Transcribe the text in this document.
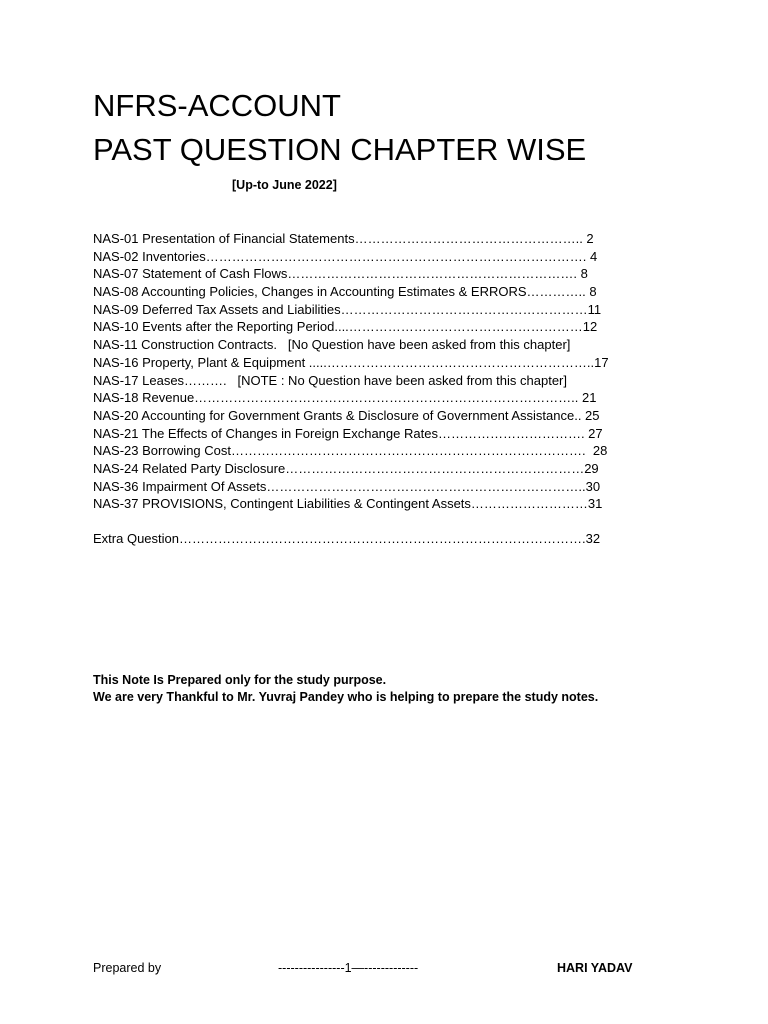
NFRS-ACCOUNT
PAST QUESTION CHAPTER WISE
[Up-to June 2022]
NAS-01 Presentation of Financial Statements…………………………………………….. 2
NAS-02 Inventories……………………………………………………………………………. 4
NAS-07 Statement of Cash Flows…………………………………………………………. 8
NAS-08 Accounting Policies, Changes in Accounting Estimates & ERRORS………….. 8
NAS-09 Deferred Tax Assets and Liabilities…………………………………………………11
NAS-10 Events after the Reporting Period....………………………………………………12
NAS-11 Construction Contracts.   [No Question have been asked from this chapter]
NAS-16 Property, Plant & Equipment .....……………………………………………………..17
NAS-17 Leases……….   [NOTE : No Question have been asked from this chapter]
NAS-18 Revenue…………………………………………………………………………….. 21
NAS-20 Accounting for Government Grants & Disclosure of Government Assistance.. 25
NAS-21 The Effects of Changes in Foreign Exchange Rates……………………………. 27
NAS-23 Borrowing Cost……………………………………………………………………….  28
NAS-24 Related Party Disclosure……………………………………………………………29
NAS-36 Impairment Of Assets………………………………………………………………..30
NAS-37 PROVISIONS, Contingent Liabilities & Contingent Assets………………………31
Extra Question………………………………………………………………………………….32
This Note Is Prepared only for the study purpose.
We are very Thankful to Mr. Yuvraj Pandey who is helping to prepare the study notes.
Prepared by	----------------1—-------------	HARI YADAV
